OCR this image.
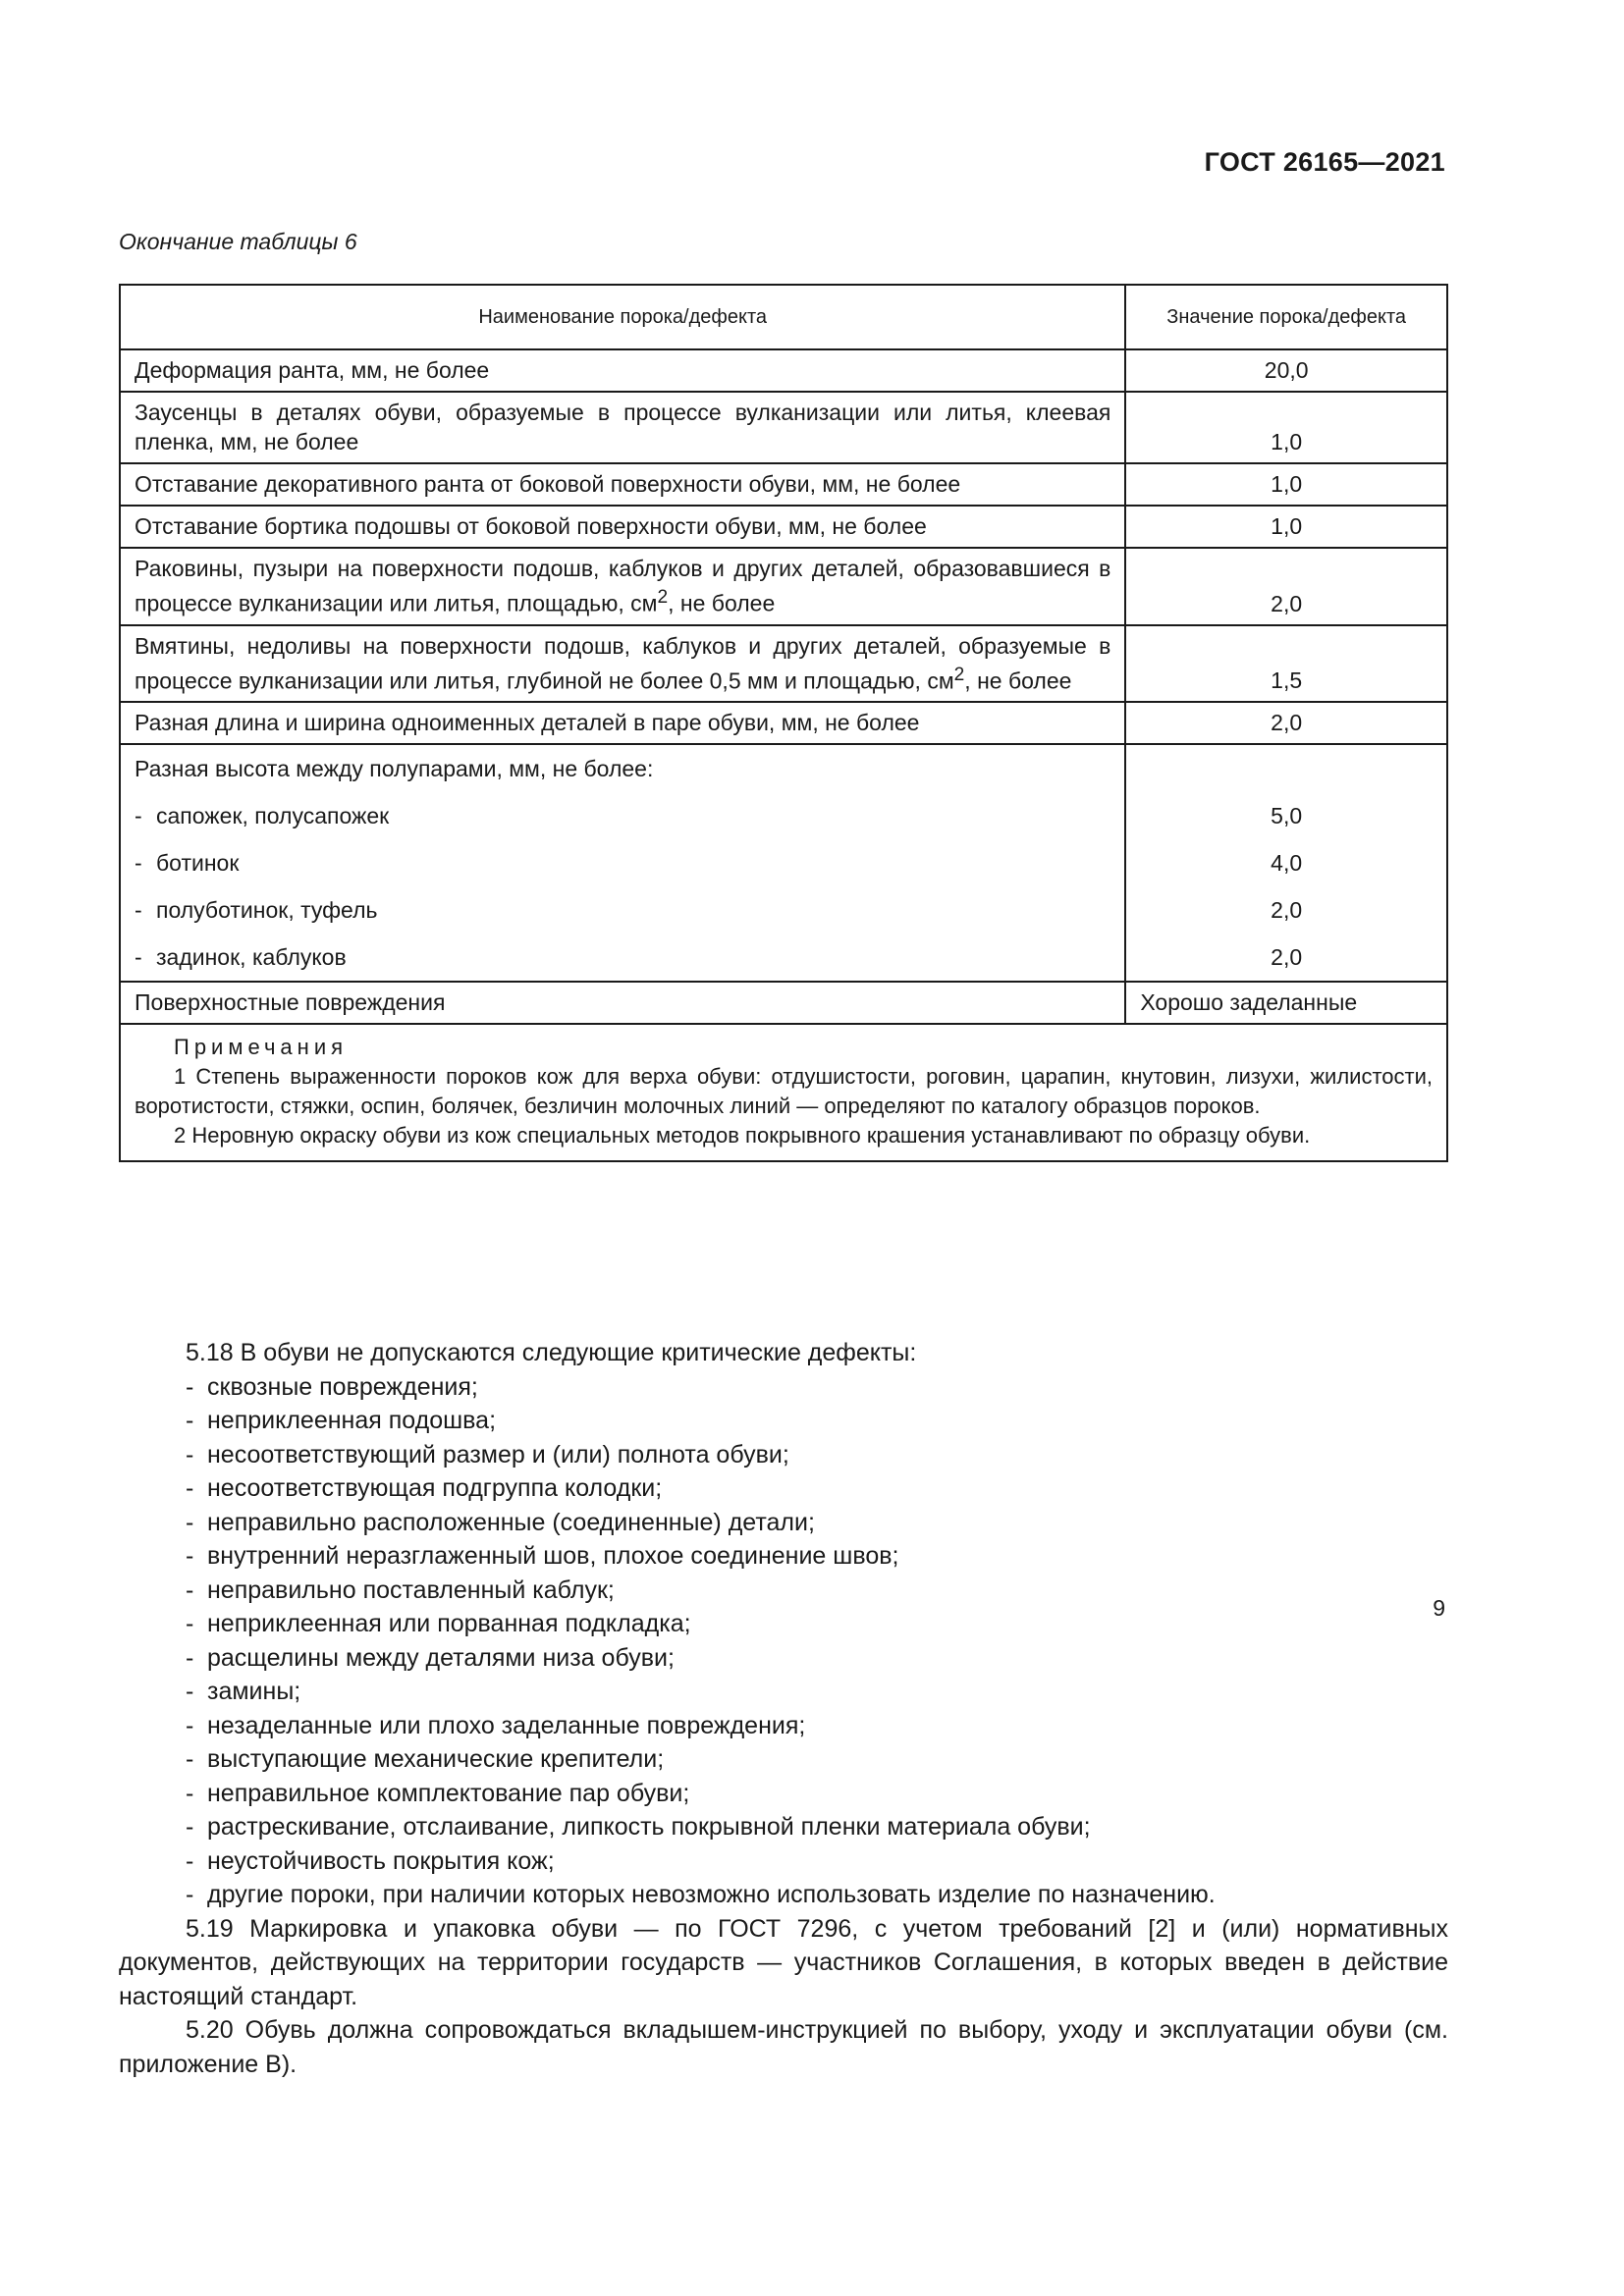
ГОСТ 26165—2021
Окончание таблицы 6
Наименование порока/дефекта	Значение порока/дефекта
Деформация ранта, мм, не более	20,0
Заусенцы в деталях обуви, образуемые в процессе вулканизации или литья, клеевая пленка, мм, не более	1,0
Отставание декоративного ранта от боковой поверхности обуви, мм, не более	1,0
Отставание бортика подошвы от боковой поверхности обуви, мм, не более	1,0
Раковины, пузыри на поверхности подошв, каблуков и других деталей, образовавшиеся в процессе вулканизации или литья, площадью, $см^2$, не более	2,0
Вмятины, недоливы на поверхности подошв, каблуков и других деталей, образуемые в процессе вулканизации или литья, глубиной не более 0,5 мм и площадью, $см^2$, не более	1,5
Разная длина и ширина одноименных деталей в паре обуви, мм, не более	2,0
Разная высота между полупарами, мм, не более:	
- сапожек, полусапожек	5,0
- ботинок	4,0
- полуботинок, туфель	2,0
- задинок, каблуков	2,0
Поверхностные повреждения	Хорошо заделанные

Примечания
1 Степень выраженности пороков кож для верха обуви: отдушистости, роговин, царапин, кнутовин, лизухи, жилистости, воротистости, стяжки, оспин, болячек, безличин молочных линий — определяют по каталогу образцов пороков.
2 Неровную окраску обуви из кож специальных методов покрывного крашения устанавливают по образцу обуви.	

5.18 В обуви не допускаются следующие критические дефекты:

- сквозные повреждения;

- неприклеенная подошва;

- несоответствующий размер и (или) полнота обуви;

- несоответствующая подгруппа колодки;

- неправильно расположенные (соединенные) детали;

- внутренний неразглаженный шов, плохое соединение швов;

- неправильно поставленный каблук;

- неприклеенная или порванная подкладка;

- расщелины между деталями низа обуви;

- замины;

- незаделанные или плохо заделанные повреждения;

- выступающие механические крепители;

- неправильное комплектование пар обуви;

- растрескивание, отслаивание, липкость покрывной пленки материала обуви;

- неустойчивость покрытия кож;

- другие пороки, при наличии которых невозможно использовать изделие по назначению.

5.19 Маркировка и упаковка обуви — по ГОСТ 7296, с учетом требований [2] и (или) нормативных документов, действующих на территории государств — участников Соглашения, в которых введен в действие настоящий стандарт.

5.20 Обувь должна сопровождаться вкладышем-инструкцией по выбору, уходу и эксплуатации обуви (см. приложение В).

9
